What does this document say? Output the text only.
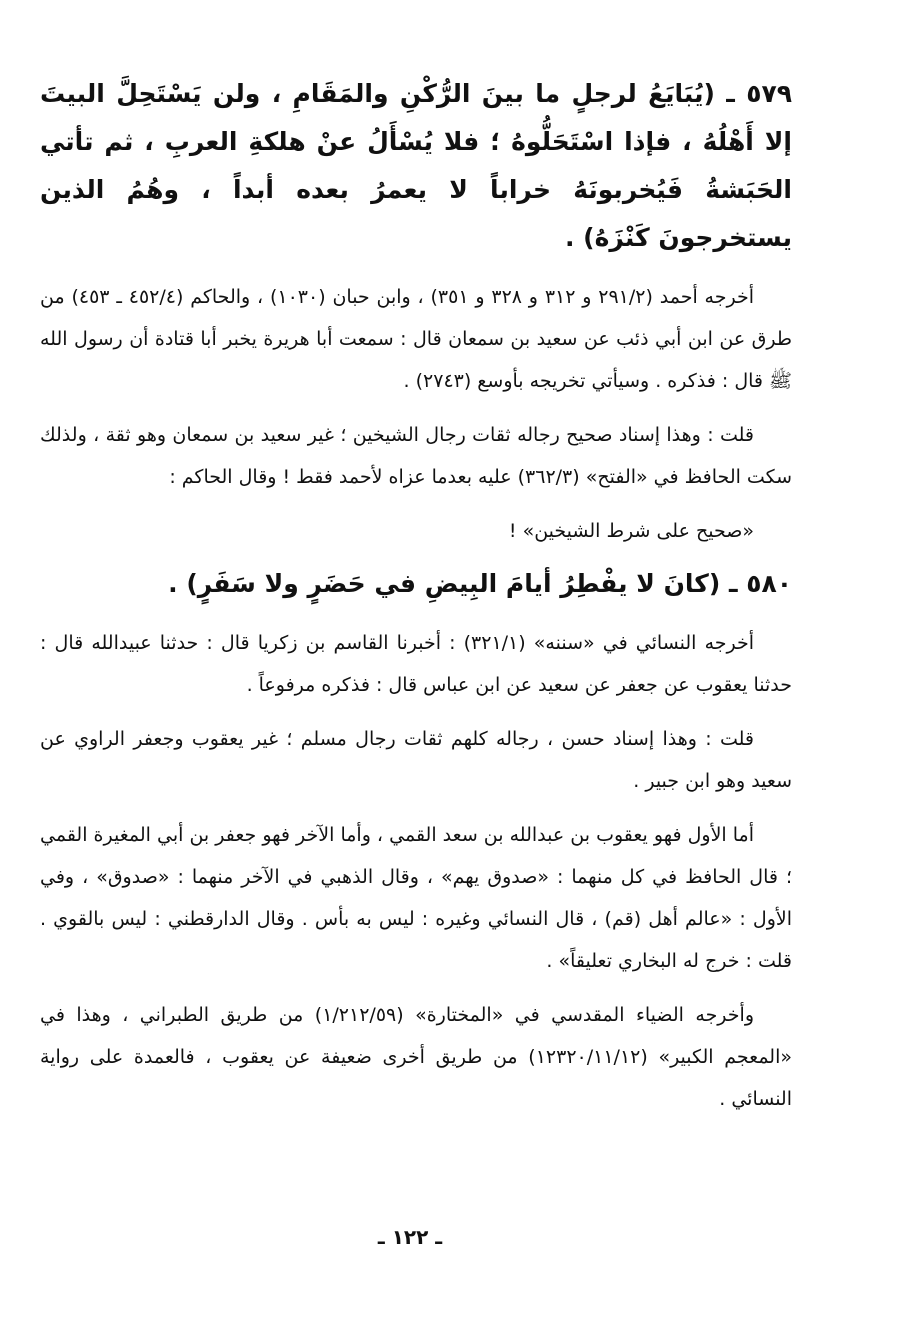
٥٧٩ ـ (يُبَايَعُ لرجلٍ ما بينَ الرُّكْنِ والمَقَامِ ، ولن يَسْتَحِلَّ البيتَ إلا أَهْلُهُ ، فإذا اسْتَحَلُّوهُ ؛ فلا يُسْأَلُ عنْ هلكةِ العربِ ، ثم تأتي الحَبَشةُ فَيُخربونَهُ خراباً لا يعمرُ بعده أبداً ، وهُمُ الذين يستخرجونَ كَنْزَهُ) .

أخرجه أحمد (٢٩١/٢ و ٣١٢ و ٣٢٨ و ٣٥١) ، وابن حبان (١٠٣٠) ، والحاكم (٤٥٢/٤ ـ ٤٥٣) من طرق عن ابن أبي ذئب عن سعيد بن سمعان قال : سمعت أبا هريرة يخبر أبا قتادة أن رسول الله ﷺ قال : فذكره . وسيأتي تخريجه بأوسع (٢٧٤٣) .

قلت : وهذا إسناد صحيح رجاله ثقات رجال الشيخين ؛ غير سعيد بن سمعان وهو ثقة ، ولذلك سكت الحافظ في «الفتح» (٣٦٢/٣) عليه بعدما عزاه لأحمد فقط ! وقال الحاكم :

«صحيح على شرط الشيخين» !

٥٨٠ ـ (كانَ لا يفْطِرُ أيامَ البِيضِ في حَضَرٍ ولا سَفَرٍ) .

أخرجه النسائي في «سننه» (٣٢١/١) : أخبرنا القاسم بن زكريا قال : حدثنا عبيدالله قال : حدثنا يعقوب عن جعفر عن سعيد عن ابن عباس قال : فذكره مرفوعاً .

قلت : وهذا إسناد حسن ، رجاله كلهم ثقات رجال مسلم ؛ غير يعقوب وجعفر الراوي عن سعيد وهو ابن جبير .

أما الأول فهو يعقوب بن عبدالله بن سعد القمي ، وأما الآخر فهو جعفر بن أبي المغيرة القمي ؛ قال الحافظ في كل منهما : «صدوق يهم» ، وقال الذهبي في الآخر منهما : «صدوق» ، وفي الأول : «عالم أهل (قم) ، قال النسائي وغيره : ليس به بأس . وقال الدارقطني : ليس بالقوي . قلت : خرج له البخاري تعليقاً» .

وأخرجه الضياء المقدسي في «المختارة» (١/٢١٢/٥٩) من طريق الطبراني ، وهذا في «المعجم الكبير» (١٢٣٢٠/١١/١٢) من طريق أخرى ضعيفة عن يعقوب ، فالعمدة على رواية النسائي .

ـ ١٢٢ ـ
